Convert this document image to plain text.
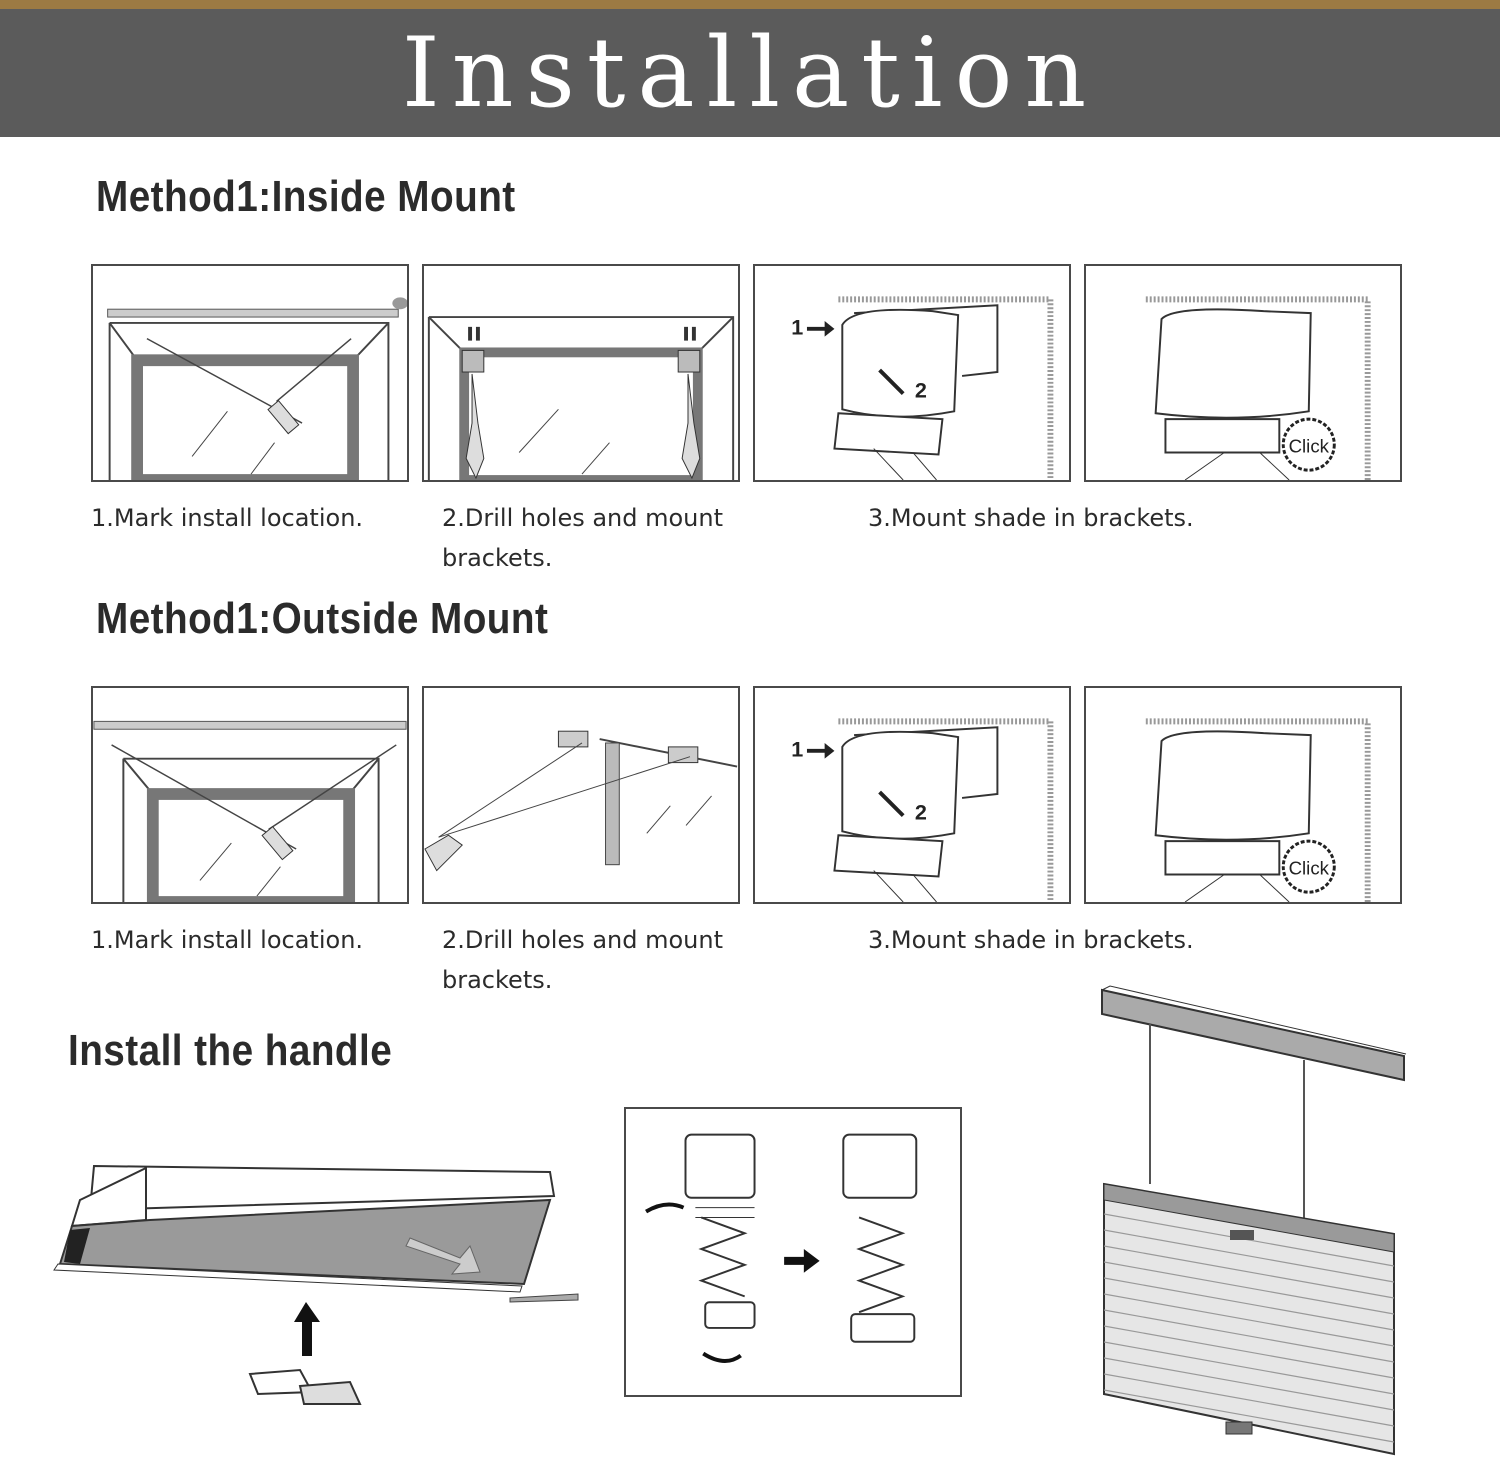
Installation
Method1:Inside Mount
1
2
Click

1.Mark install location.	2.Drill holes and mount brackets.

3.Mount shade in brackets.

Method1:Outside Mount
1
2
Click

1.Mark install location.	2.Drill holes and mount brackets.

3.Mount shade in brackets.

Install the handle
